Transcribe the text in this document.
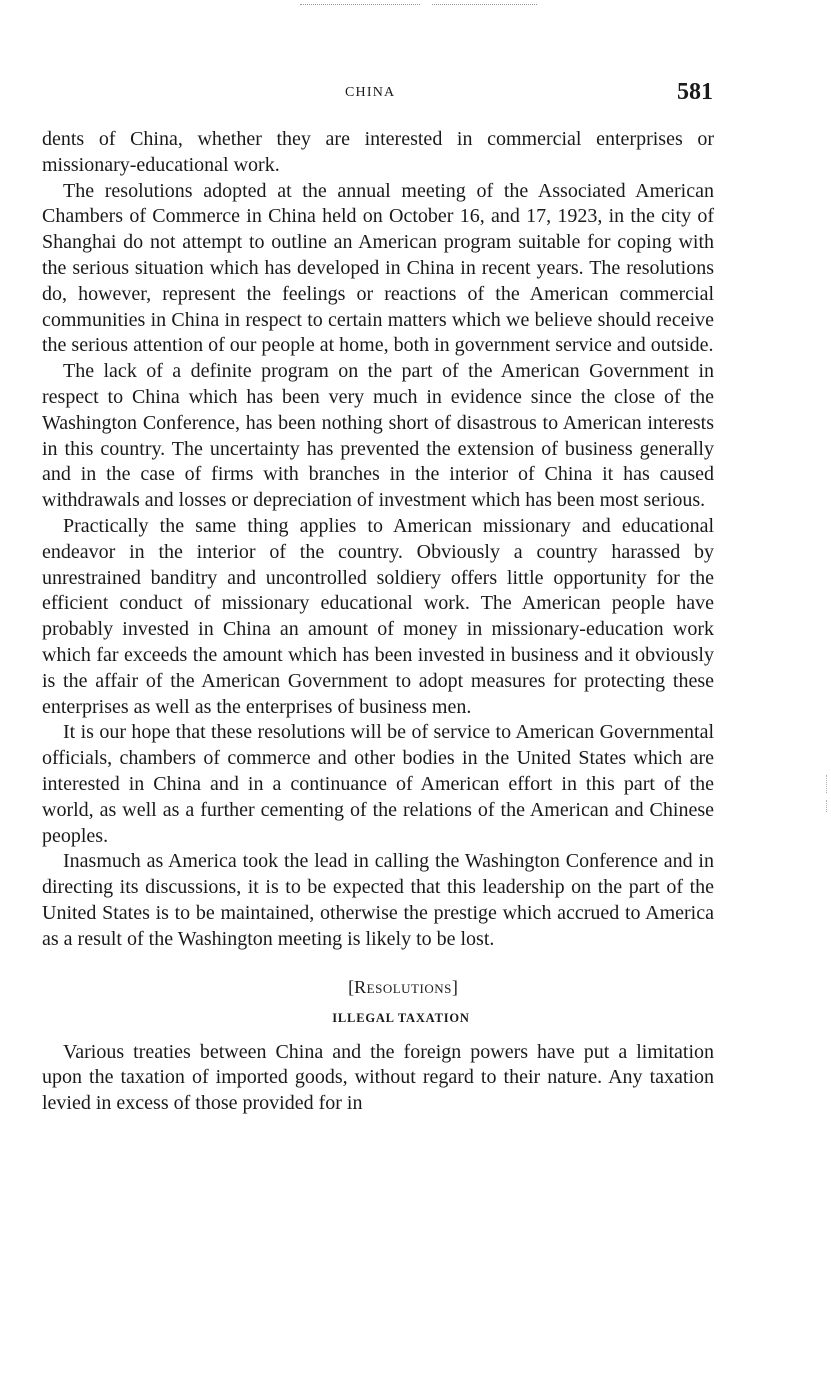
CHINA	581

dents of China, whether they are interested in commercial enterprises or missionary-educational work.

The resolutions adopted at the annual meeting of the Associated American Chambers of Commerce in China held on October 16, and 17, 1923, in the city of Shanghai do not attempt to outline an American program suitable for coping with the serious situation which has developed in China in recent years. The resolutions do, however, represent the feelings or reactions of the American commercial communities in China in respect to certain matters which we believe should receive the serious attention of our people at home, both in government service and outside.

The lack of a definite program on the part of the American Government in respect to China which has been very much in evidence since the close of the Washington Conference, has been nothing short of disastrous to American interests in this country. The uncertainty has prevented the extension of business generally and in the case of firms with branches in the interior of China it has caused withdrawals and losses or depreciation of investment which has been most serious.

Practically the same thing applies to American missionary and educational endeavor in the interior of the country. Obviously a country harassed by unrestrained banditry and uncontrolled soldiery offers little opportunity for the efficient conduct of missionary educational work. The American people have probably invested in China an amount of money in missionary-education work which far exceeds the amount which has been invested in business and it obviously is the affair of the American Government to adopt measures for protecting these enterprises as well as the enterprises of business men.

It is our hope that these resolutions will be of service to American Governmental officials, chambers of commerce and other bodies in the United States which are interested in China and in a continuance of American effort in this part of the world, as well as a further cementing of the relations of the American and Chinese peoples.

Inasmuch as America took the lead in calling the Washington Conference and in directing its discussions, it is to be expected that this leadership on the part of the United States is to be maintained, otherwise the prestige which accrued to America as a result of the Washington meeting is likely to be lost.

[Resolutions]
ILLEGAL TAXATION

Various treaties between China and the foreign powers have put a limitation upon the taxation of imported goods, without regard to their nature. Any taxation levied in excess of those provided for in
